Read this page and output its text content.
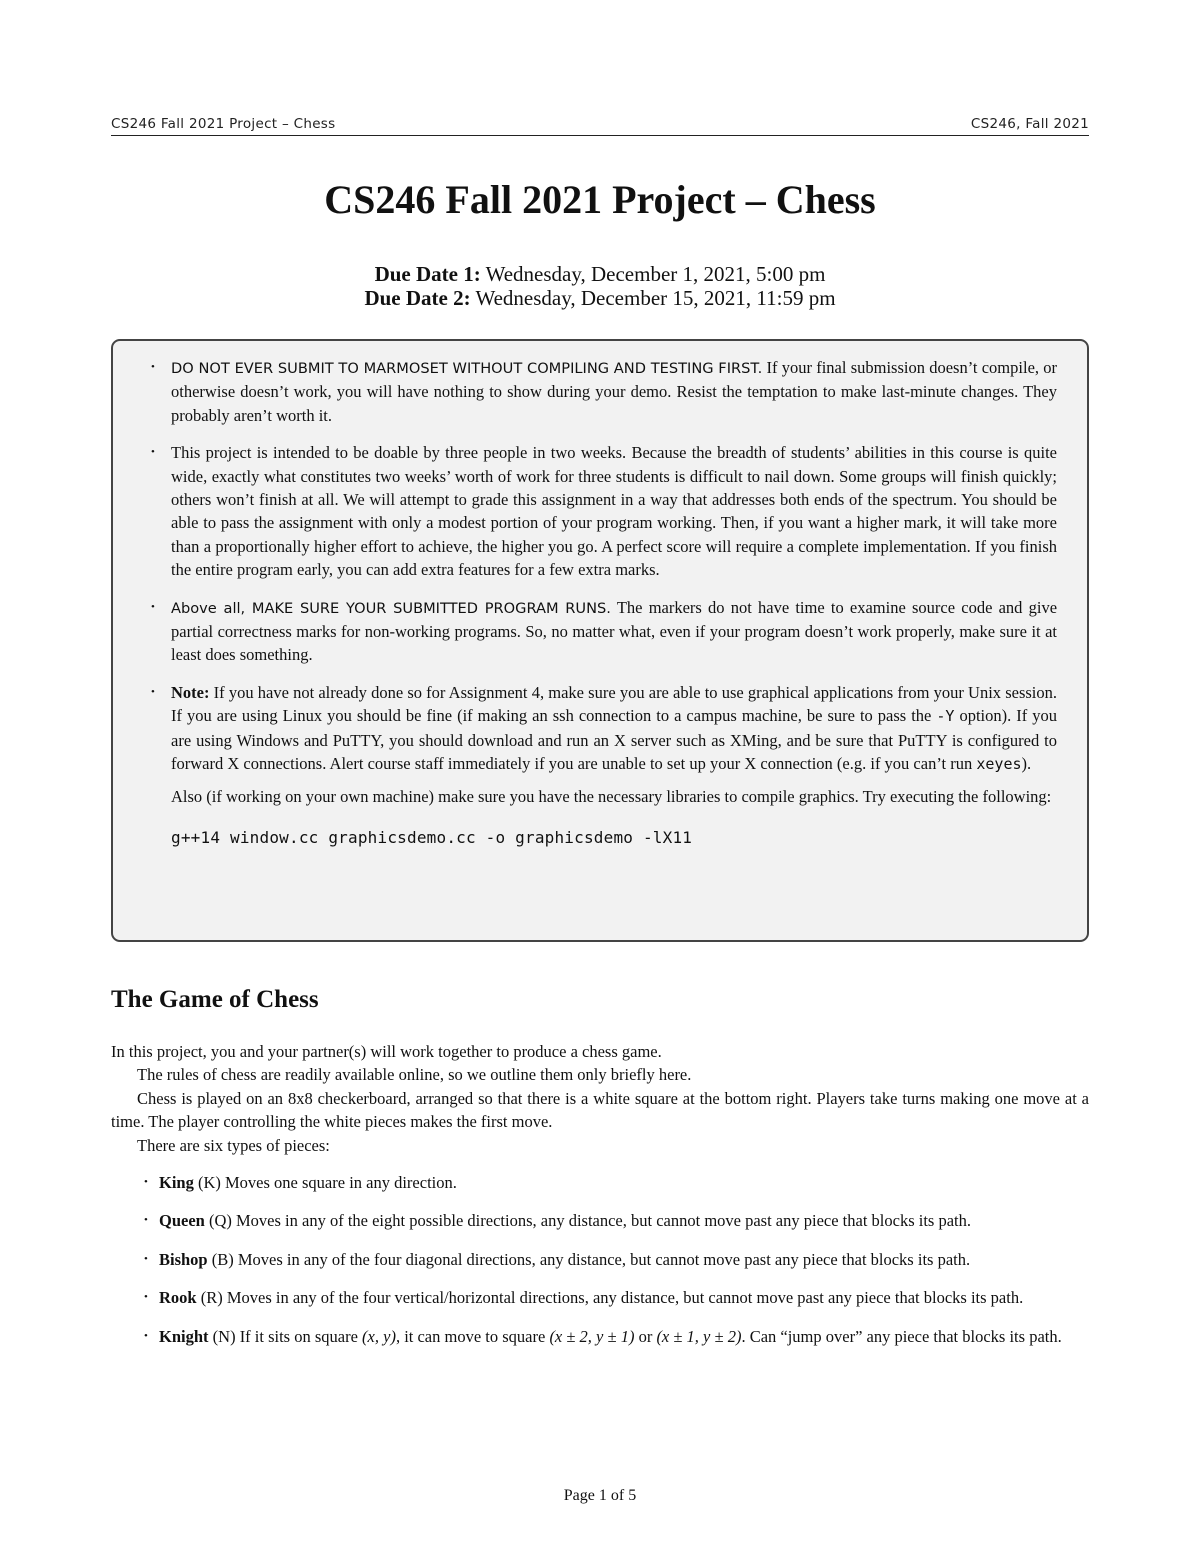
CS246 Fall 2021 Project – Chess	CS246, Fall 2021
CS246 Fall 2021 Project – Chess
Due Date 1: Wednesday, December 1, 2021, 5:00 pm
Due Date 2: Wednesday, December 15, 2021, 11:59 pm
• DO NOT EVER SUBMIT TO MARMOSET WITHOUT COMPILING AND TESTING FIRST. If your final submission doesn’t compile, or otherwise doesn’t work, you will have nothing to show during your demo. Resist the temptation to make last-minute changes. They probably aren’t worth it.
• This project is intended to be doable by three people in two weeks. Because the breadth of students’ abilities in this course is quite wide, exactly what constitutes two weeks’ worth of work for three students is difficult to nail down. Some groups will finish quickly; others won’t finish at all. We will attempt to grade this assignment in a way that addresses both ends of the spectrum. You should be able to pass the assignment with only a modest portion of your program working. Then, if you want a higher mark, it will take more than a proportionally higher effort to achieve, the higher you go. A perfect score will require a complete implementation. If you finish the entire program early, you can add extra features for a few extra marks.
• Above all, MAKE SURE YOUR SUBMITTED PROGRAM RUNS. The markers do not have time to examine source code and give partial correctness marks for non-working programs. So, no matter what, even if your program doesn’t work properly, make sure it at least does something.
• Note: If you have not already done so for Assignment 4, make sure you are able to use graphical applications from your Unix session. If you are using Linux you should be fine (if making an ssh connection to a campus machine, be sure to pass the -Y option). If you are using Windows and PuTTY, you should download and run an X server such as XMing, and be sure that PuTTY is configured to forward X connections. Alert course staff immediately if you are unable to set up your X connection (e.g. if you can’t run xeyes).
Also (if working on your own machine) make sure you have the necessary libraries to compile graphics. Try executing the following:
g++14 window.cc graphicsdemo.cc -o graphicsdemo -lX11
The Game of Chess

In this project, you and your partner(s) will work together to produce a chess game.

The rules of chess are readily available online, so we outline them only briefly here.

Chess is played on an 8x8 checkerboard, arranged so that there is a white square at the bottom right. Players take turns making one move at a time. The player controlling the white pieces makes the first move.

There are six types of pieces:

• King (K) Moves one square in any direction.
• Queen (Q) Moves in any of the eight possible directions, any distance, but cannot move past any piece that blocks its path.
• Bishop (B) Moves in any of the four diagonal directions, any distance, but cannot move past any piece that blocks its path.
• Rook (R) Moves in any of the four vertical/horizontal directions, any distance, but cannot move past any piece that blocks its path.
• Knight (N) If it sits on square (x, y), it can move to square (x ± 2, y ± 1) or (x ± 1, y ± 2). Can “jump over” any piece that blocks its path.
Page 1 of 5
